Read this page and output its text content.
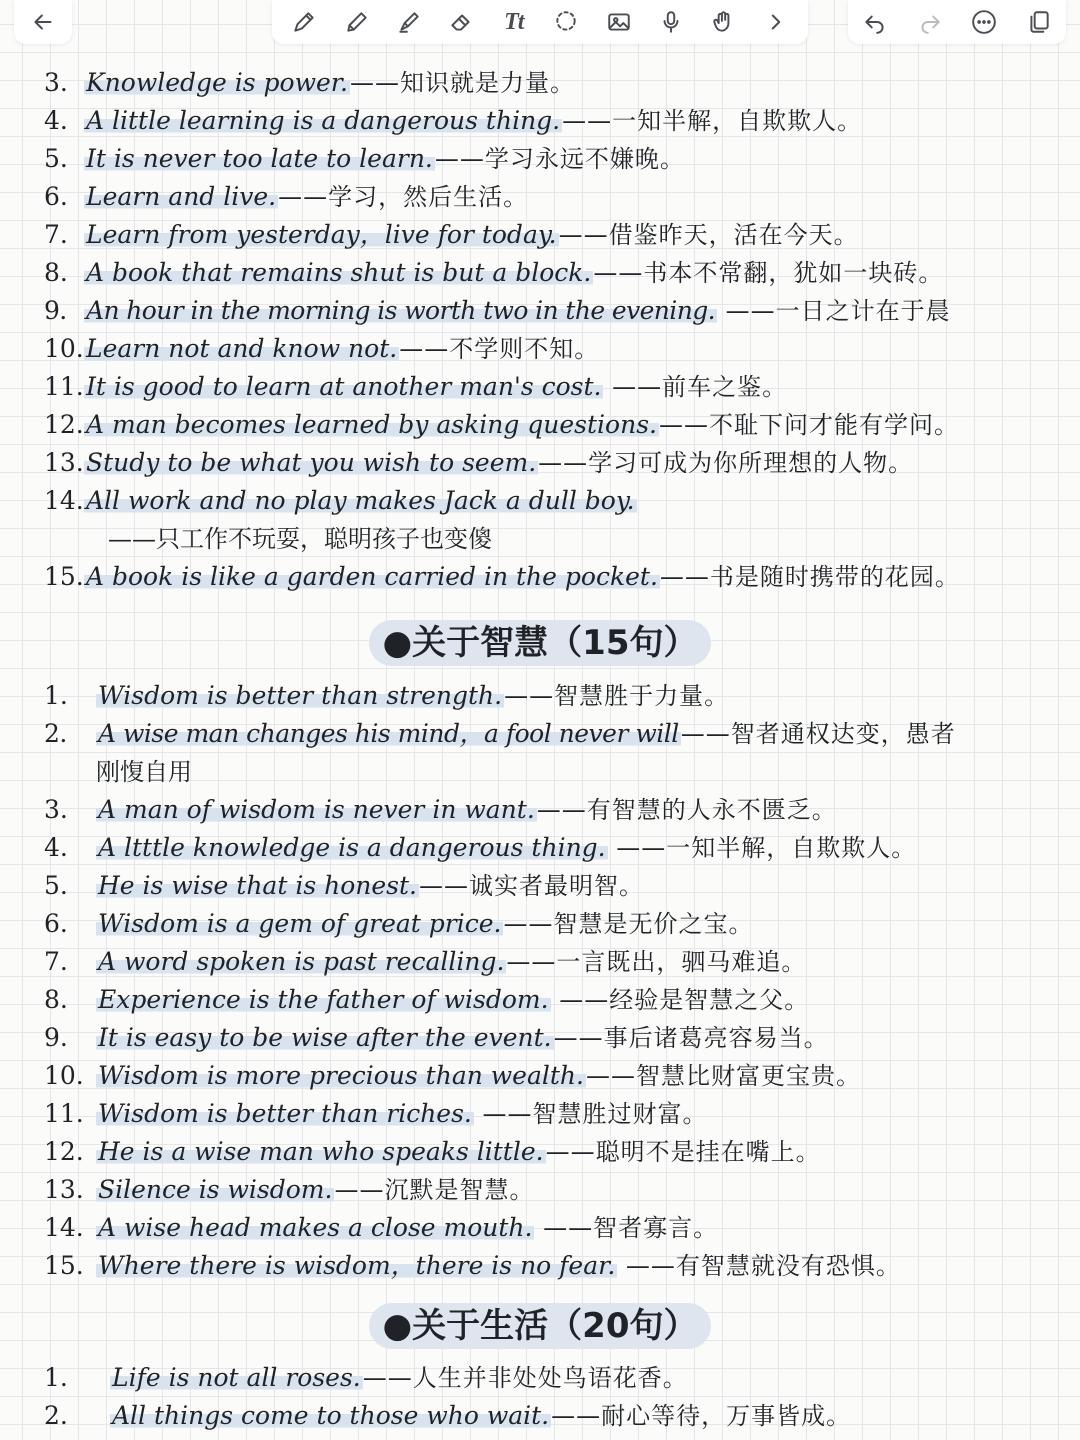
Tt
3. Knowledge is power.——知识就是力量。
4. A little learning is a dangerous thing.——一知半解，自欺欺人。
5. It is never too late to learn.——学习永远不嫌晚。
6. Learn and live.——学习，然后生活。
7. Learn from yesterday，live for today.——借鉴昨天，活在今天。
8. A book that remains shut is but a block.——书本不常翻，犹如一块砖。
9. An hour in the morning is worth two in the evening. ——一日之计在于晨
10.Learn not and know not.——不学则不知。
11.It is good to learn at another man's cost. ——前车之鉴。
12.A man becomes learned by asking questions.——不耻下问才能有学问。
13.Study to be what you wish to seem.——学习可成为你所理想的人物。
14.All work and no play makes Jack a dull boy.
——只工作不玩耍，聪明孩子也变傻
15.A book is like a garden carried in the pocket.——书是随时携带的花园。
●关于智慧（15句）
1. Wisdom is better than strength.——智慧胜于力量。
2. A wise man changes his mind，a fool never will——智者通权达变，愚者
刚愎自用
3. A man of wisdom is never in want.——有智慧的人永不匮乏。
4. A ltttle knowledge is a dangerous thing. ——一知半解，自欺欺人。
5. He is wise that is honest.——诚实者最明智。
6. Wisdom is a gem of great price.——智慧是无价之宝。
7. A word spoken is past recalling.——一言既出，驷马难追。
8. Experience is the father of wisdom. ——经验是智慧之父。
9. It is easy to be wise after the event.——事后诸葛亮容易当。
10. Wisdom is more precious than wealth.——智慧比财富更宝贵。
11. Wisdom is better than riches. ——智慧胜过财富。
12. He is a wise man who speaks little.——聪明不是挂在嘴上。
13. Silence is wisdom.——沉默是智慧。
14. A wise head makes a close mouth. ——智者寡言。
15. Where there is wisdom，there is no fear. ——有智慧就没有恐惧。
●关于生活（20句）
1. Life is not all roses.——人生并非处处鸟语花香。
2. All things come to those who wait.——耐心等待，万事皆成。
